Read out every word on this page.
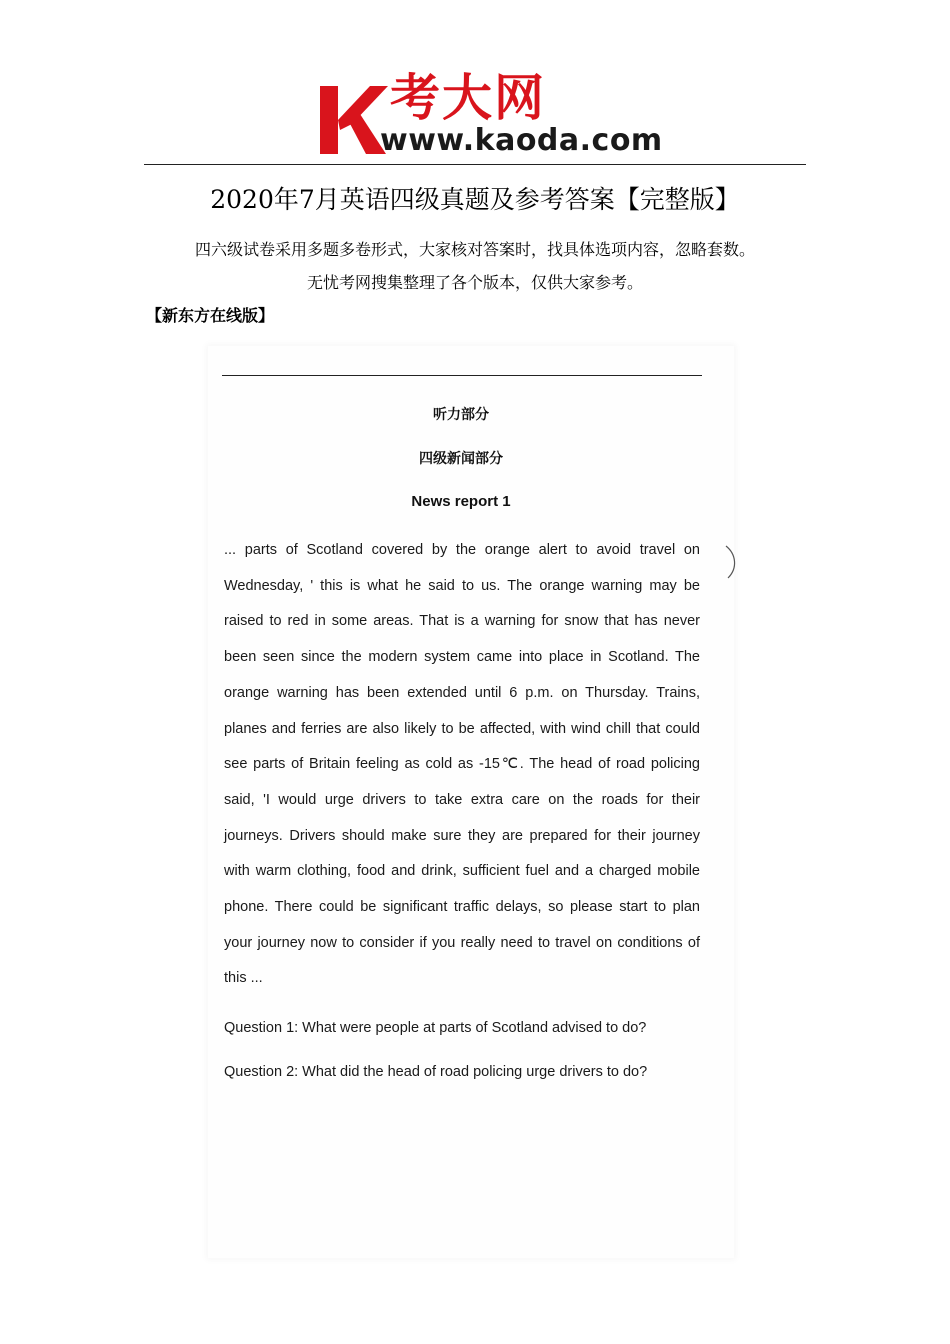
考大网
www.kaoda.com
2020年7月英语四级真题及参考答案【完整版】
四六级试卷采用多题多卷形式，大家核对答案时，找具体选项内容，忽略套数。
无忧考网搜集整理了各个版本，仅供大家参考。
【新东方在线版】
听力部分
四级新闻部分
News report 1
... parts of Scotland covered by the orange alert to avoid travel on Wednesday, ' this is what he said to us. The orange warning may be raised to red in some areas. That is a warning for snow that has never been seen since the modern system came into place in Scotland. The orange warning has been extended until 6 p.m. on Thursday. Trains, planes and ferries are also likely to be affected, with wind chill that could see parts of Britain feeling as cold as -15℃. The head of road policing said, 'I would urge drivers to take extra care on the roads for their journeys. Drivers should make sure they are prepared for their journey with warm clothing, food and drink, sufficient fuel and a charged mobile phone. There could be significant traffic delays, so please start to plan your journey now to consider if you really need to travel on conditions of this ...
Question 1: What were people at parts of Scotland advised to do?
Question 2: What did the head of road policing urge drivers to do?
